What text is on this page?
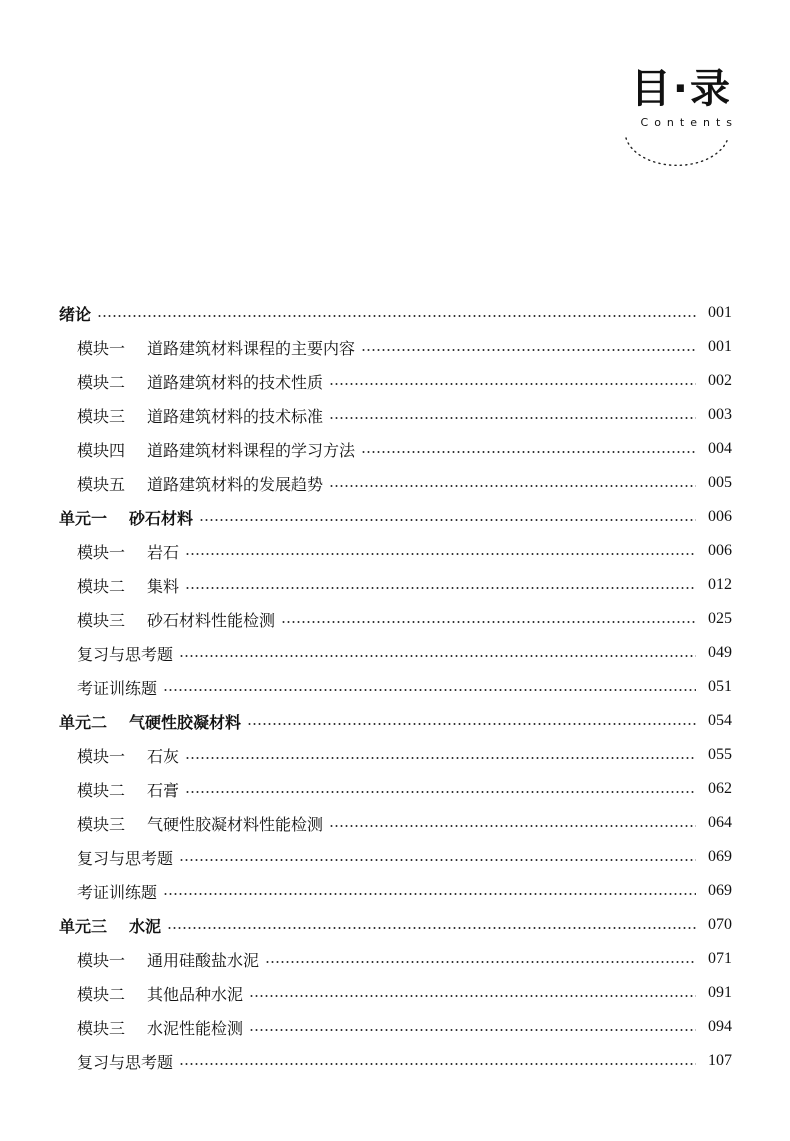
目·录
Contents
绪论	001
模块一 道路建筑材料课程的主要内容	001
模块二 道路建筑材料的技术性质	002
模块三 道路建筑材料的技术标准	003
模块四 道路建筑材料课程的学习方法	004
模块五 道路建筑材料的发展趋势	005
单元一 砂石材料	006
模块一 岩石	006
模块二 集料	012
模块三 砂石材料性能检测	025
复习与思考题	049
考证训练题	051
单元二 气硬性胶凝材料	054
模块一 石灰	055
模块二 石膏	062
模块三 气硬性胶凝材料性能检测	064
复习与思考题	069
考证训练题	069
单元三 水泥	070
模块一 通用硅酸盐水泥	071
模块二 其他品种水泥	091
模块三 水泥性能检测	094
复习与思考题	107
